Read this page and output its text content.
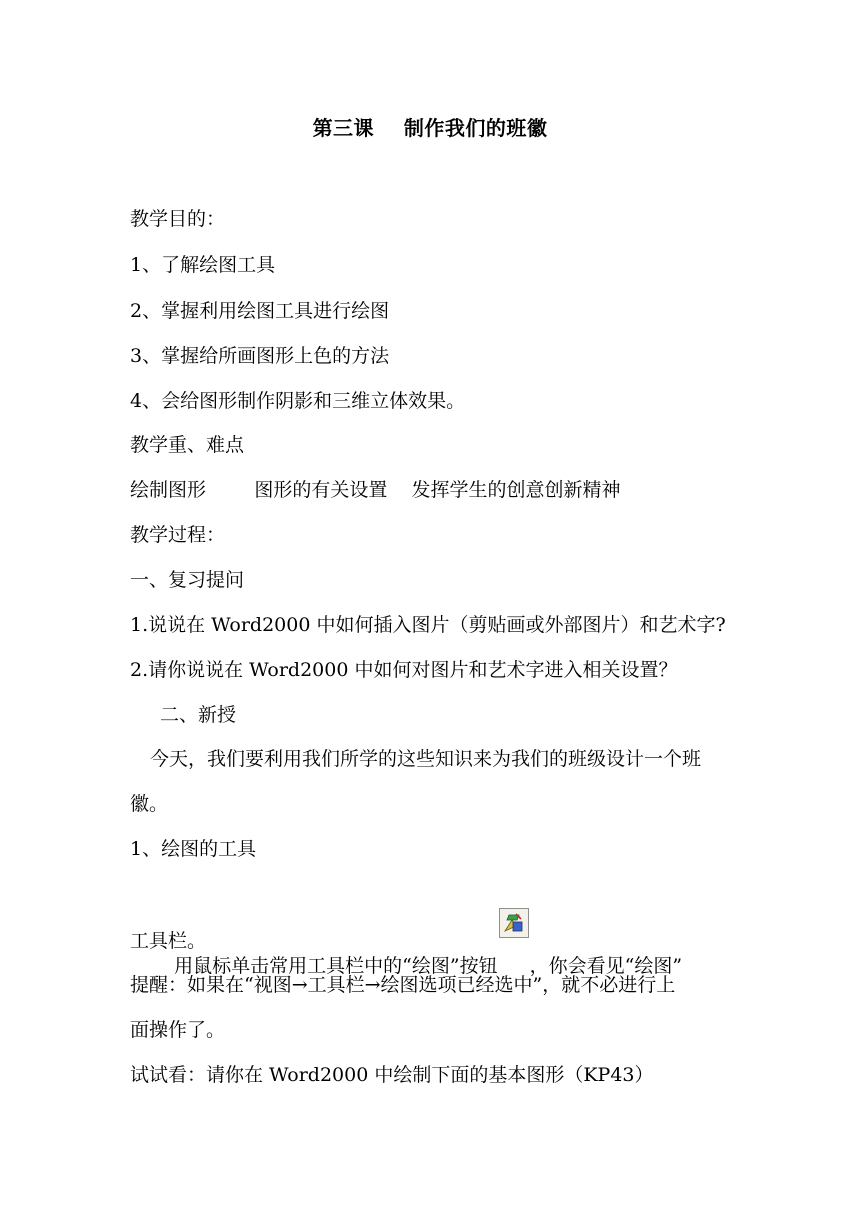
第三课    制作我们的班徽
教学目的：
1、了解绘图工具
2、掌握利用绘图工具进行绘图
3、掌握给所画图形上色的方法
4、会给图形制作阴影和三维立体效果。
教学重、难点
绘制图形        图形的有关设置    发挥学生的创意创新精神
教学过程：
一、复习提问
1.说说在 Word2000 中如何插入图片（剪贴画或外部图片）和艺术字?
2.请你说说在 Word2000 中如何对图片和艺术字进入相关设置？
二、新授
今天，我们要利用我们所学的这些知识来为我们的班级设计一个班
徽。
1、绘图的工具

用鼠标单击常用工具栏中的“绘图”按钮
，你会看见“绘图”

工具栏。
提醒：如果在“视图→工具栏→绘图选项已经选中”，就不必进行上
面操作了。
试试看：请你在 Word2000 中绘制下面的基本图形（KP43）
